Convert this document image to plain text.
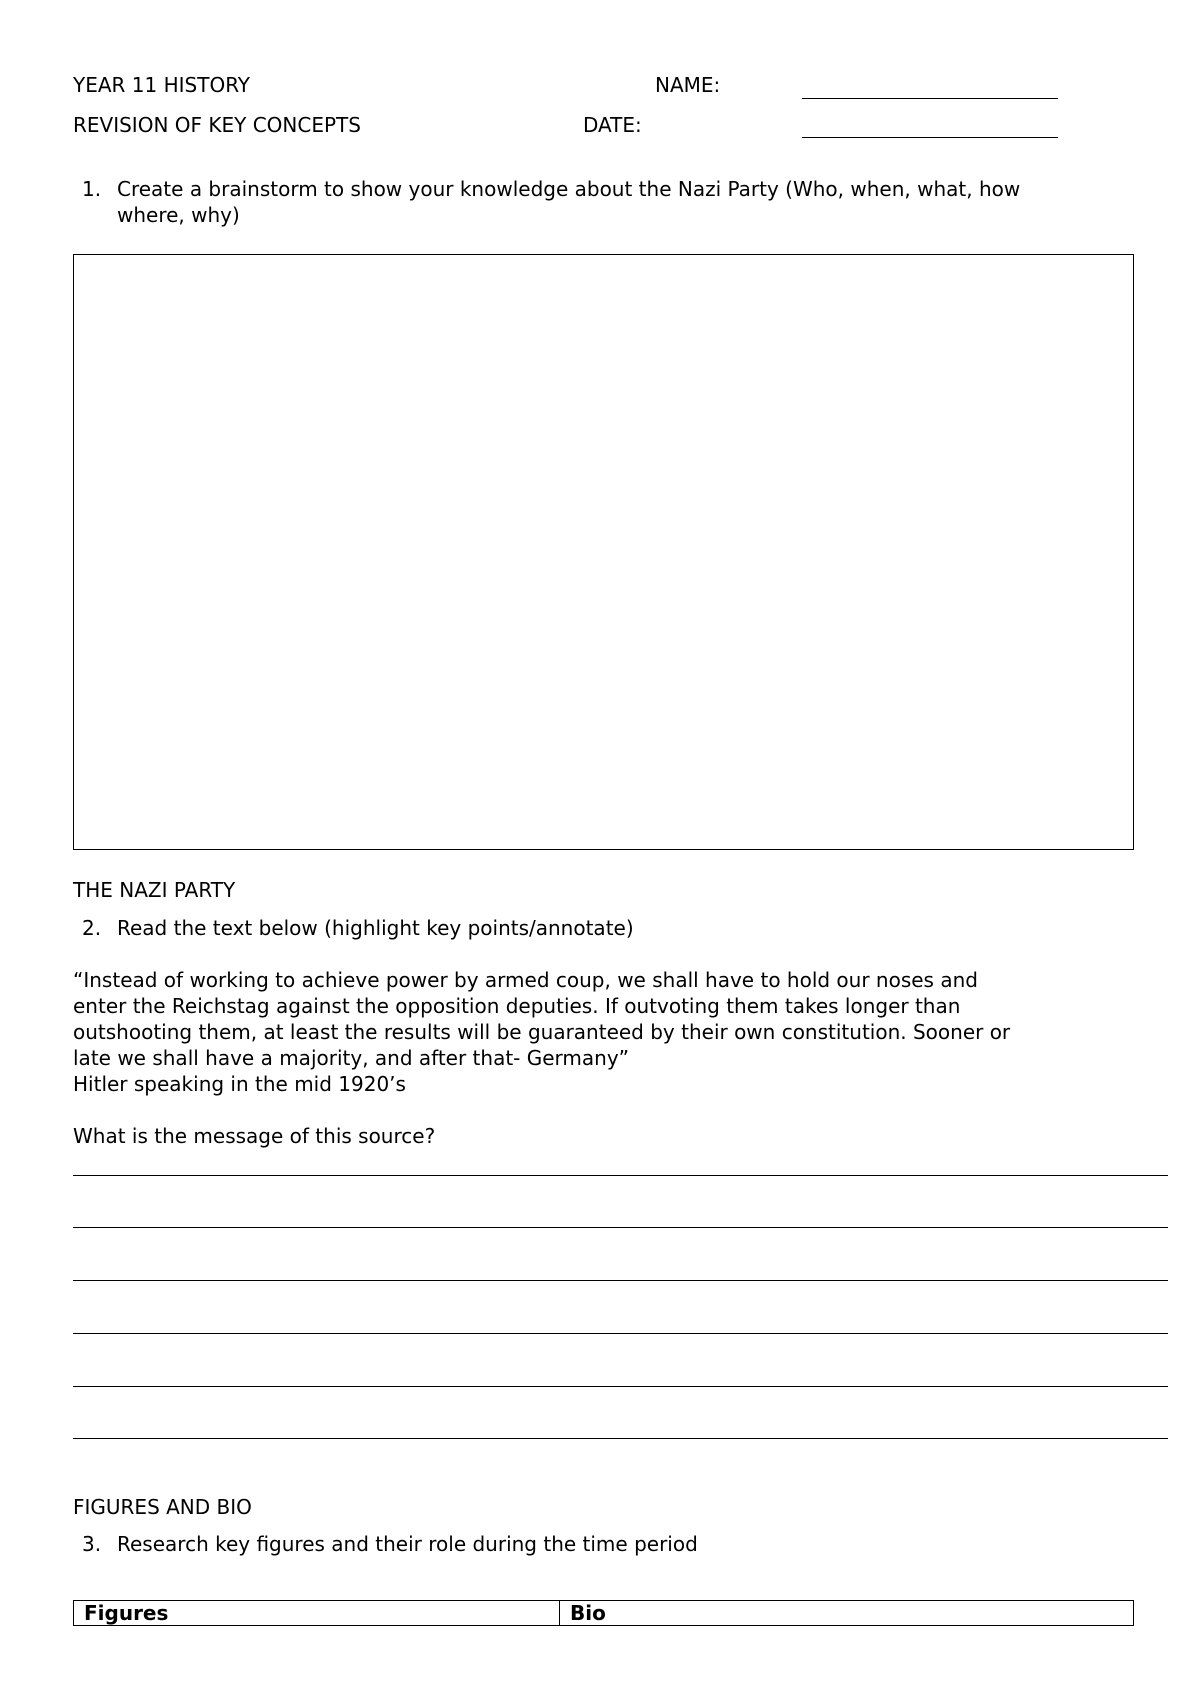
YEAR 11 HISTORY	NAME:
REVISION OF KEY CONCEPTS	DATE:
1. Create a brainstorm to show your knowledge about the Nazi Party (Who, when, what, how
where, why)
THE NAZI PARTY
2. Read the text below (highlight key points/annotate)
“Instead of working to achieve power by armed coup, we shall have to hold our noses and
enter the Reichstag against the opposition deputies. If outvoting them takes longer than
outshooting them, at least the results will be guaranteed by their own constitution. Sooner or
late we shall have a majority, and after that- Germany”
Hitler speaking in the mid 1920’s
What is the message of this source?
FIGURES AND BIO
3. Research key figures and their role during the time period
Figures	Bio
